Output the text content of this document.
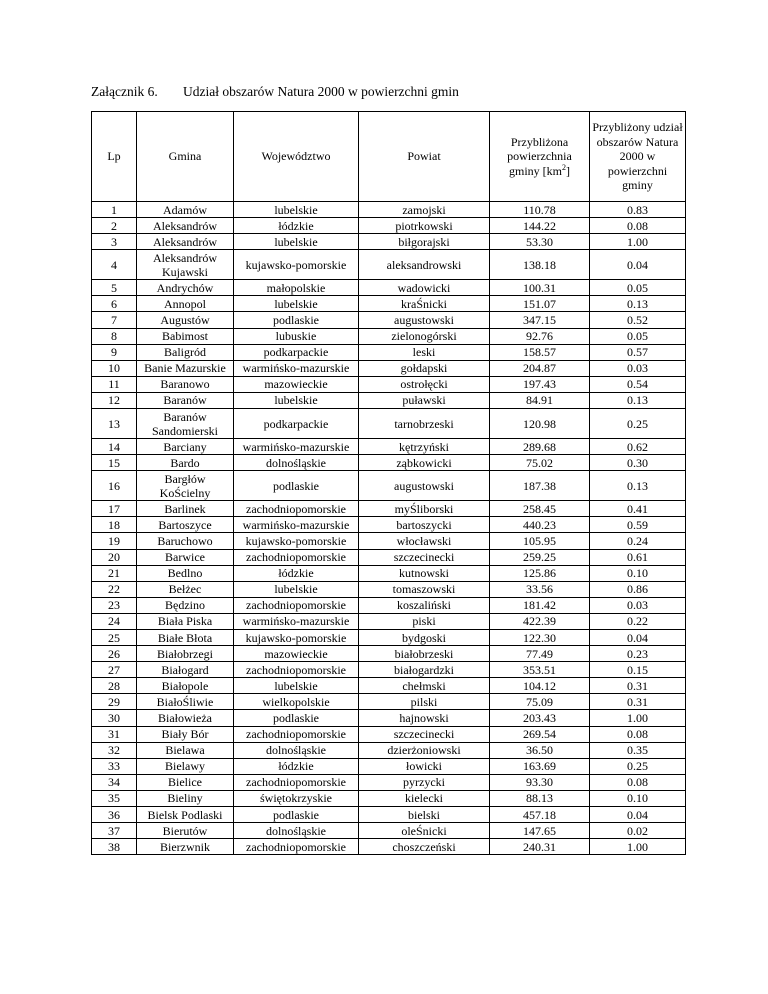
Załącznik 6. Udział obszarów Natura 2000 w powierzchni gmin
Lp	Gmina	Województwo	Powiat	Przybliżona powierzchnia gminy $[km^2]$	Przybliżony udział obszarów Natura 2000 w powierzchni gminy
1	Adamów	lubelskie	zamojski	110.78	0.83
2	Aleksandrów	łódzkie	piotrkowski	144.22	0.08
3	Aleksandrów	lubelskie	biłgorajski	53.30	1.00
4	Aleksandrów Kujawski	kujawsko-pomorskie	aleksandrowski	138.18	0.04
5	Andrychów	małopolskie	wadowicki	100.31	0.05
6	Annopol	lubelskie	kraŚnicki	151.07	0.13
7	Augustów	podlaskie	augustowski	347.15	0.52
8	Babimost	lubuskie	zielonogórski	92.76	0.05
9	Baligród	podkarpackie	leski	158.57	0.57
10	Banie Mazurskie	warmińsko-mazurskie	gołdapski	204.87	0.03
11	Baranowo	mazowieckie	ostrołęcki	197.43	0.54
12	Baranów	lubelskie	puławski	84.91	0.13
13	Baranów Sandomierski	podkarpackie	tarnobrzeski	120.98	0.25
14	Barciany	warmińsko-mazurskie	kętrzyński	289.68	0.62
15	Bardo	dolnośląskie	ząbkowicki	75.02	0.30
16	Bargłów KoŚcielny	podlaskie	augustowski	187.38	0.13
17	Barlinek	zachodniopomorskie	myŚliborski	258.45	0.41
18	Bartoszyce	warmińsko-mazurskie	bartoszycki	440.23	0.59
19	Baruchowo	kujawsko-pomorskie	włocławski	105.95	0.24
20	Barwice	zachodniopomorskie	szczecinecki	259.25	0.61
21	Bedlno	łódzkie	kutnowski	125.86	0.10
22	Bełżec	lubelskie	tomaszowski	33.56	0.86
23	Będzino	zachodniopomorskie	koszaliński	181.42	0.03
24	Biała Piska	warmińsko-mazurskie	piski	422.39	0.22
25	Białe Błota	kujawsko-pomorskie	bydgoski	122.30	0.04
26	Białobrzegi	mazowieckie	białobrzeski	77.49	0.23
27	Białogard	zachodniopomorskie	białogardzki	353.51	0.15
28	Białopole	lubelskie	chełmski	104.12	0.31
29	BiałoŚliwie	wielkopolskie	pilski	75.09	0.31
30	Białowieża	podlaskie	hajnowski	203.43	1.00
31	Biały Bór	zachodniopomorskie	szczecinecki	269.54	0.08
32	Bielawa	dolnośląskie	dzierżoniowski	36.50	0.35
33	Bielawy	łódzkie	łowicki	163.69	0.25
34	Bielice	zachodniopomorskie	pyrzycki	93.30	0.08
35	Bieliny	świętokrzyskie	kielecki	88.13	0.10
36	Bielsk Podlaski	podlaskie	bielski	457.18	0.04
37	Bierutów	dolnośląskie	oleŚnicki	147.65	0.02
38	Bierzwnik	zachodniopomorskie	choszczeński	240.31	1.00
